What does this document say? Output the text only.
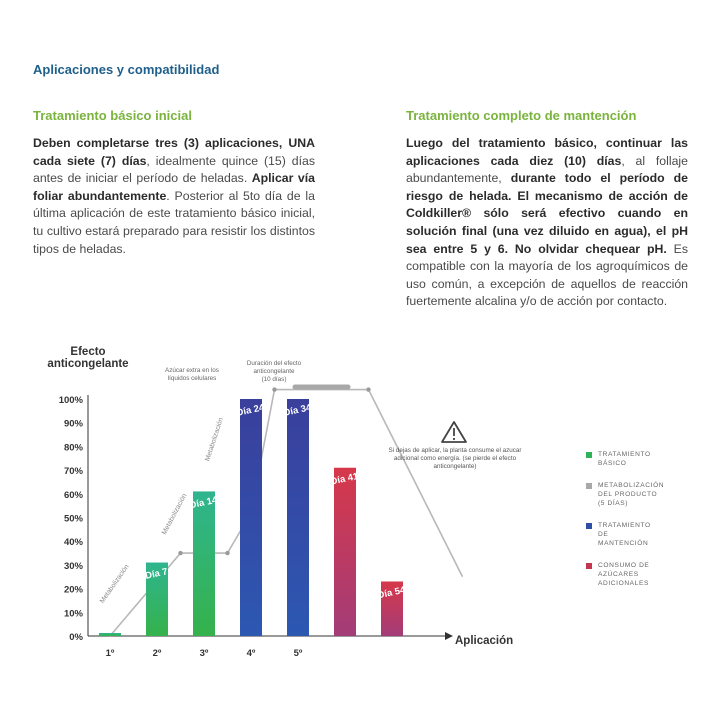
Aplicaciones y compatibilidad
Tratamiento básico inicial

Deben completarse tres (3) aplicaciones, UNA cada siete (7) días, idealmente quince (15) días antes de iniciar el período de heladas. Aplicar vía foliar abundantemente. Posterior al 5to día de la última aplicación de este tratamiento básico inicial, tu cultivo estará preparado para resistir los distintos tipos de heladas.

Tratamiento completo de mantención

Luego del tratamiento básico, continuar las aplicaciones cada diez (10) días, al follaje abundantemente, durante todo el período de riesgo de helada. El mecanismo de acción de Coldkiller® sólo será efectivo cuando en solución final (una vez diluido en agua), el pH sea entre 5 y 6. No olvidar chequear pH. Es compatible con la mayoría de los agroquímicos de uso común, a excepción de aquellos de reacción fuertemente alcalina y/o de acción por contacto.

Efecto anticongelante
0%
10%
20%
30%
40%
50%
60%
70%
80%
90%
100%
Aplicación
1º	2º	3º	4º	5º
Día 7
Día 14
Día 24 Día 34
Día 41
Día 54
Metabolización
Metabolización
Metabolización
Azúcar extra en los líquidos celulares
Duración del efecto anticongelante (10 días)
Si dejas de aplicar, la planta consume el azucar adicional como energía. (se pierde el efecto anticongelante)
TRATAMIENTO
BÁSICO
METABOLIZACIÓN
DEL PRODUCTO
(5 DÍAS)
TRATAMIENTO
DE
MANTENCIÓN
CONSUMO DE
AZÚCARES
ADICIONALES
